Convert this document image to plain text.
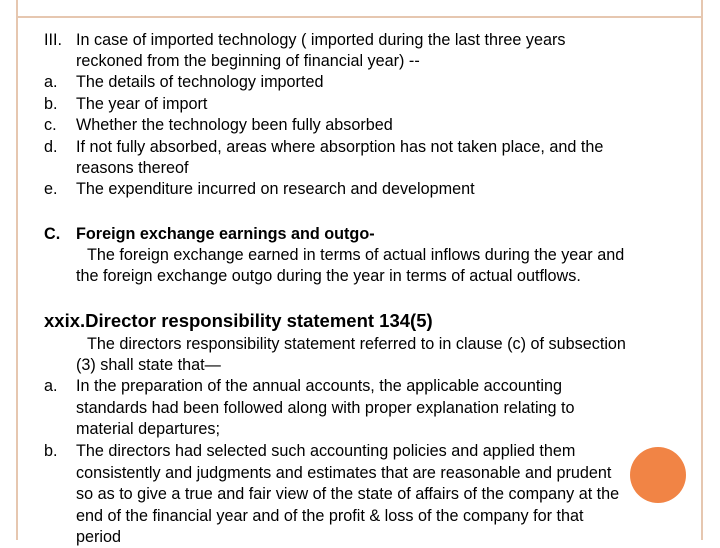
III. In case of imported technology ( imported during the last three years
reckoned from the beginning of financial year) --
a. The details of technology imported
b. The year of import
c. Whether the technology been fully absorbed
d. If not fully absorbed, areas where absorption has not taken place, and the
reasons thereof
e. The expenditure incurred on research and development
C. Foreign exchange earnings and outgo-
The foreign exchange earned in terms of actual inflows during the year and
the foreign exchange outgo during the year in terms of actual outflows.
xxix.Director responsibility statement 134(5)
The directors responsibility statement referred to in clause (c) of subsection
(3) shall state that—
a. In the preparation of the annual accounts, the applicable accounting
standards had been followed along with proper explanation relating to
material departures;
b. The directors had selected such accounting policies and applied them
consistently and judgments and estimates that are reasonable and prudent
so as to give a true and fair view of the state of affairs of the company at the
end of the financial year and of the profit & loss of the company for that
period
